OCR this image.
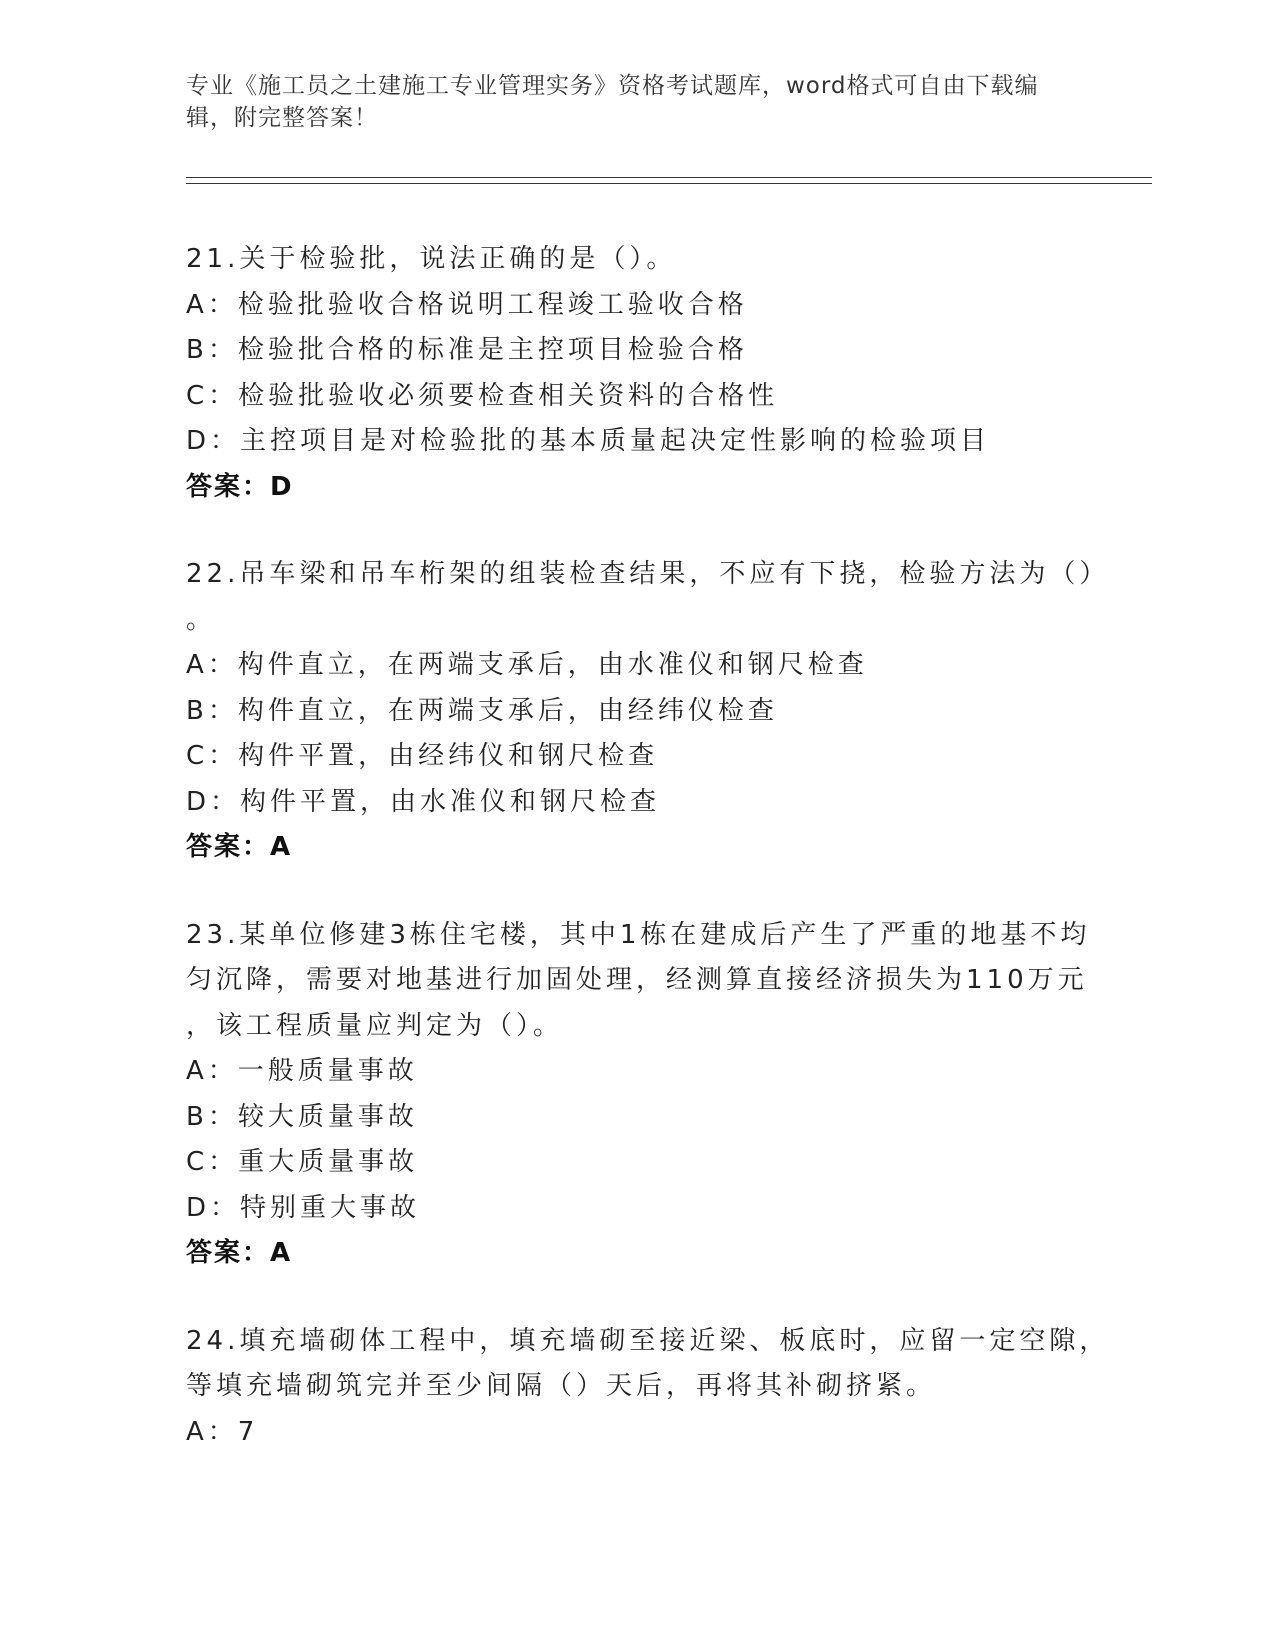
专业《施工员之土建施工专业管理实务》资格考试题库，word格式可自由下载编
辑，附完整答案！
21.关于检验批，说法正确的是（）。
A：检验批验收合格说明工程竣工验收合格
B：检验批合格的标准是主控项目检验合格
C：检验批验收必须要检查相关资料的合格性
D：主控项目是对检验批的基本质量起决定性影响的检验项目
答案：D
22.吊车梁和吊车桁架的组装检查结果，不应有下挠，检验方法为（）
。
A：构件直立，在两端支承后，由水准仪和钢尺检查
B：构件直立，在两端支承后，由经纬仪检查
C：构件平置，由经纬仪和钢尺检查
D：构件平置，由水准仪和钢尺检查
答案：A
23.某单位修建3栋住宅楼，其中1栋在建成后产生了严重的地基不均
匀沉降，需要对地基进行加固处理，经测算直接经济损失为110万元
，该工程质量应判定为（）。
A：一般质量事故
B：较大质量事故
C：重大质量事故
D：特别重大事故
答案：A
24.填充墙砌体工程中，填充墙砌至接近梁、板底时，应留一定空隙，
等填充墙砌筑完并至少间隔（）天后，再将其补砌挤紧。
A：7
